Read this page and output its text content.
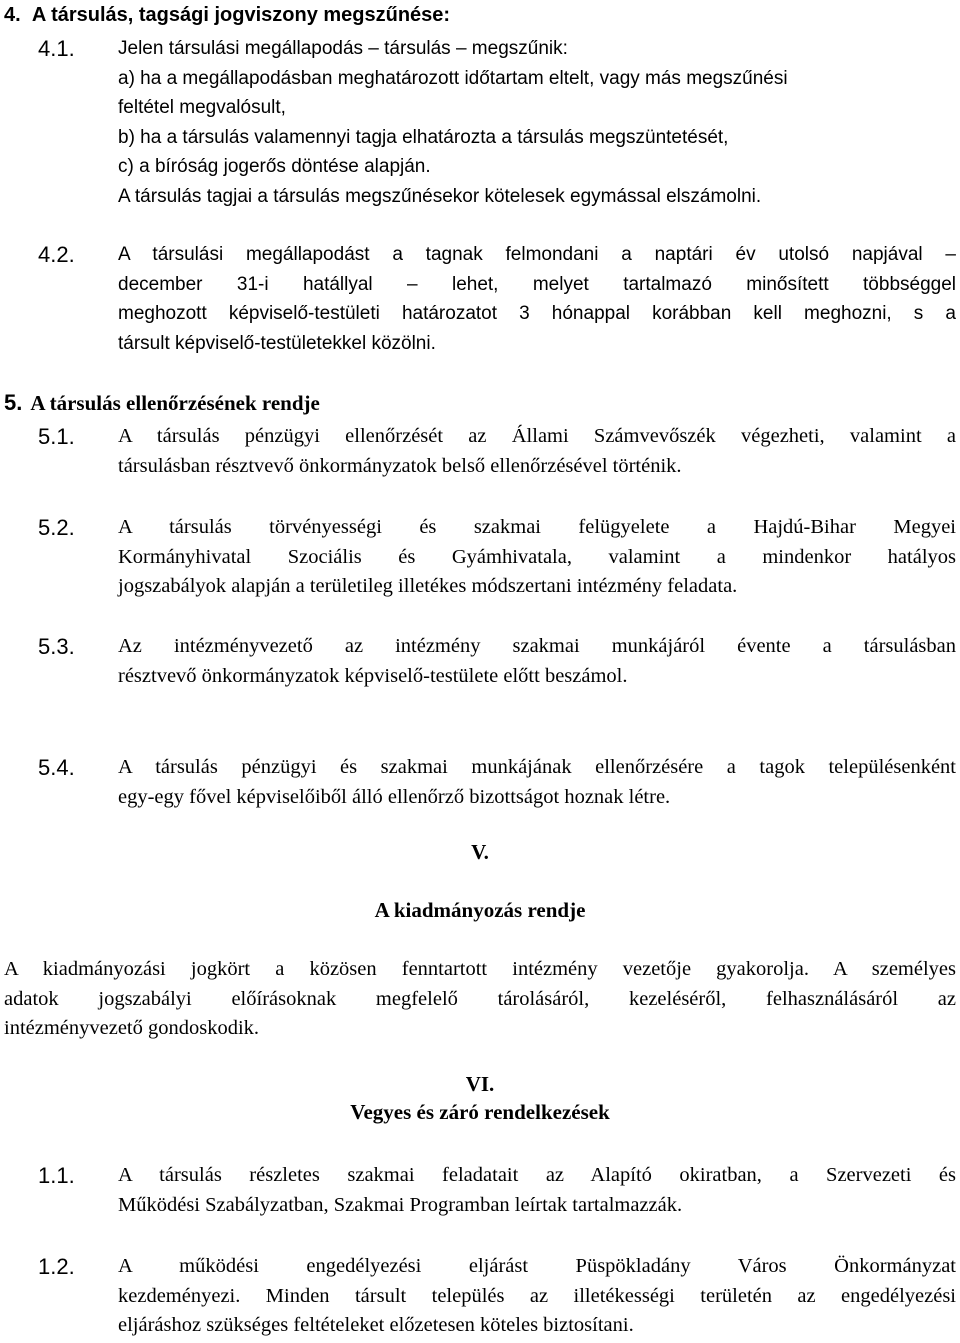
4. A társulás, tagsági jogviszony megszűnése:
4.1. Jelen társulási megállapodás – társulás – megszűnik:
a) ha a megállapodásban meghatározott időtartam eltelt, vagy más megszűnési
feltétel megvalósult,
b) ha a társulás valamennyi tagja elhatározta a társulás megszüntetését,
c) a bíróság jogerős döntése alapján.
A társulás tagjai a társulás megszűnésekor kötelesek egymással elszámolni.
4.2. A társulási megállapodást a tagnak felmondani a naptári év utolsó napjával –
december 31-i hatállyal – lehet, melyet tartalmazó minősített többséggel
meghozott képviselő-testületi határozatot 3 hónappal korábban kell meghozni, s a
társult képviselő-testületekkel közölni.
5. A társulás ellenőrzésének rendje
5.1. A társulás pénzügyi ellenőrzését az Állami Számvevőszék végezheti, valamint a
társulásban résztvevő önkormányzatok belső ellenőrzésével történik.
5.2. A társulás törvényességi és szakmai felügyelete a Hajdú-Bihar Megyei
Kormányhivatal Szociális és Gyámhivatala, valamint a mindenkor hatályos
jogszabályok alapján a területileg illetékes módszertani intézmény feladata.
5.3. Az intézményvezető az intézmény szakmai munkájáról évente a társulásban
résztvevő önkormányzatok képviselő-testülete előtt beszámol.
5.4. A társulás pénzügyi és szakmai munkájának ellenőrzésére a tagok településenként
egy-egy fővel képviselőiből álló ellenőrző bizottságot hoznak létre.
V.
A kiadmányozás rendje
A kiadmányozási jogkört a közösen fenntartott intézmény vezetője gyakorolja. A személyes
adatok jogszabályi előírásoknak megfelelő tárolásáról, kezeléséről, felhasználásáról az
intézményvezető gondoskodik.
VI.
Vegyes és záró rendelkezések
1.1. A társulás részletes szakmai feladatait az Alapító okiratban, a Szervezeti és
Működési Szabályzatban, Szakmai Programban leírtak tartalmazzák.
1.2. A működési engedélyezési eljárást Püspökladány Város Önkormányzat
kezdeményezi. Minden társult település az illetékességi területén az engedélyezési
eljáráshoz szükséges feltételeket előzetesen köteles biztosítani.
